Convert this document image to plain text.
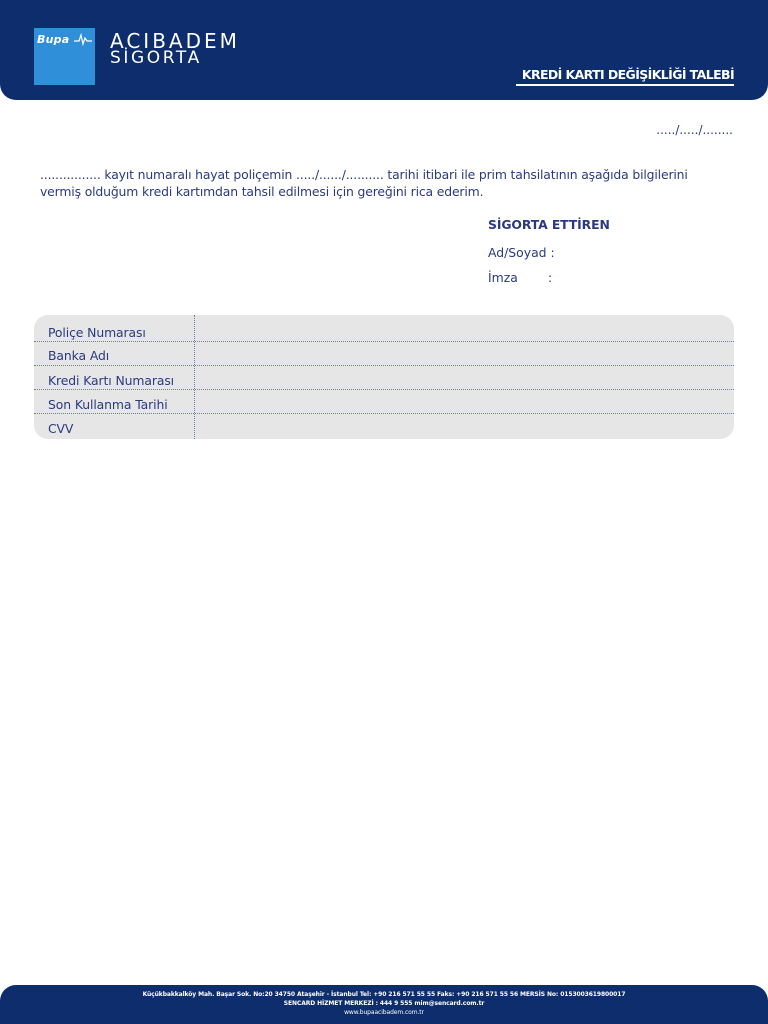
Bupa ACIBADEM
SİGORTA
KREDİ KARTI DEĞİŞİKLİĞİ TALEBİ
...../...../........
................ kayıt numaralı hayat poliçemin ...../....../.......... tarihi itibari ile prim tahsilatının aşağıda bilgilerini vermiş olduğum kredi kartımdan tahsil edilmesi için gereğini rica ederim.
SİGORTA ETTİREN
Ad/Soyad :
İmza :
Poliçe Numarası
Banka Adı
Kredi Kartı Numarası
Son Kullanma Tarihi
CVV
Küçükbakkalköy Mah. Başar Sok. No:20 34750 Ataşehir - İstanbul Tel: +90 216 571 55 55 Faks: +90 216 571 55 56 MERSİS No: 0153003619800017
SENCARD HİZMET MERKEZİ : 444 9 555 mim@sencard.com.tr
www.bupaacibadem.com.tr
